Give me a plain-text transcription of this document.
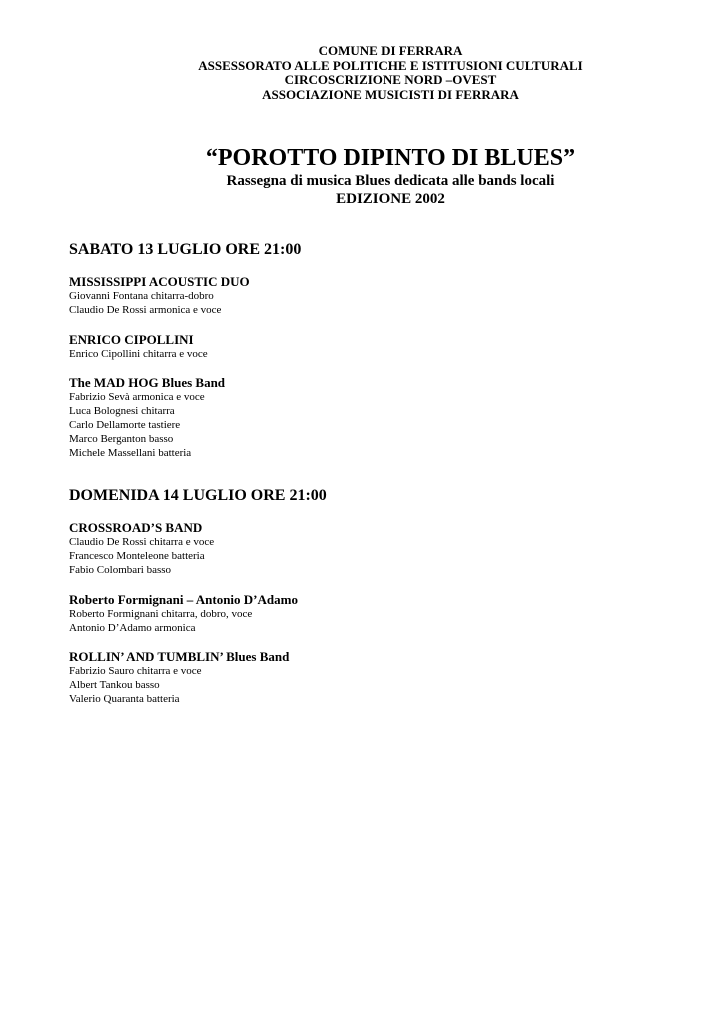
COMUNE DI FERRARA
ASSESSORATO ALLE POLITICHE E ISTITUSIONI CULTURALI
CIRCOSCRIZIONE NORD –OVEST
ASSOCIAZIONE MUSICISTI DI FERRARA
“POROTTO DIPINTO DI BLUES”
Rassegna di musica Blues dedicata alle bands locali
EDIZIONE 2002
SABATO 13 LUGLIO ORE 21:00
MISSISSIPPI ACOUSTIC DUO
Giovanni Fontana chitarra-dobro
Claudio De Rossi armonica e voce
ENRICO CIPOLLINI
Enrico Cipollini chitarra e voce
The MAD HOG Blues Band
Fabrizio Sevà armonica e voce
Luca Bolognesi chitarra
Carlo Dellamorte tastiere
Marco Berganton basso
Michele Massellani batteria
DOMENIDA 14 LUGLIO ORE 21:00
CROSSROAD’S BAND
Claudio De Rossi chitarra e voce
Francesco Monteleone batteria
Fabio Colombari basso
Roberto Formignani – Antonio D’Adamo
Roberto Formignani chitarra, dobro, voce
Antonio D’Adamo armonica
ROLLIN’ AND TUMBLIN’ Blues Band
Fabrizio Sauro chitarra e voce
Albert Tankou basso
Valerio Quaranta batteria
